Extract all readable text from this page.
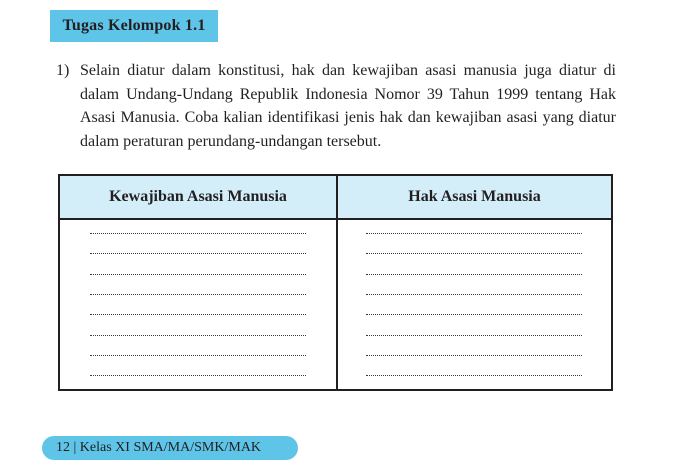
Tugas Kelompok 1.1
1) Selain diatur dalam konstitusi, hak dan kewajiban asasi manusia juga diatur di dalam Undang-Undang Republik Indonesia Nomor 39 Tahun 1999 tentang Hak Asasi Manusia. Coba kalian identifikasi jenis hak dan kewajiban asasi yang diatur dalam peraturan perundang-undangan tersebut.
Kewajiban Asasi Manusia	Hak Asasi Manusia
12 | Kelas XI SMA/MA/SMK/MAK
